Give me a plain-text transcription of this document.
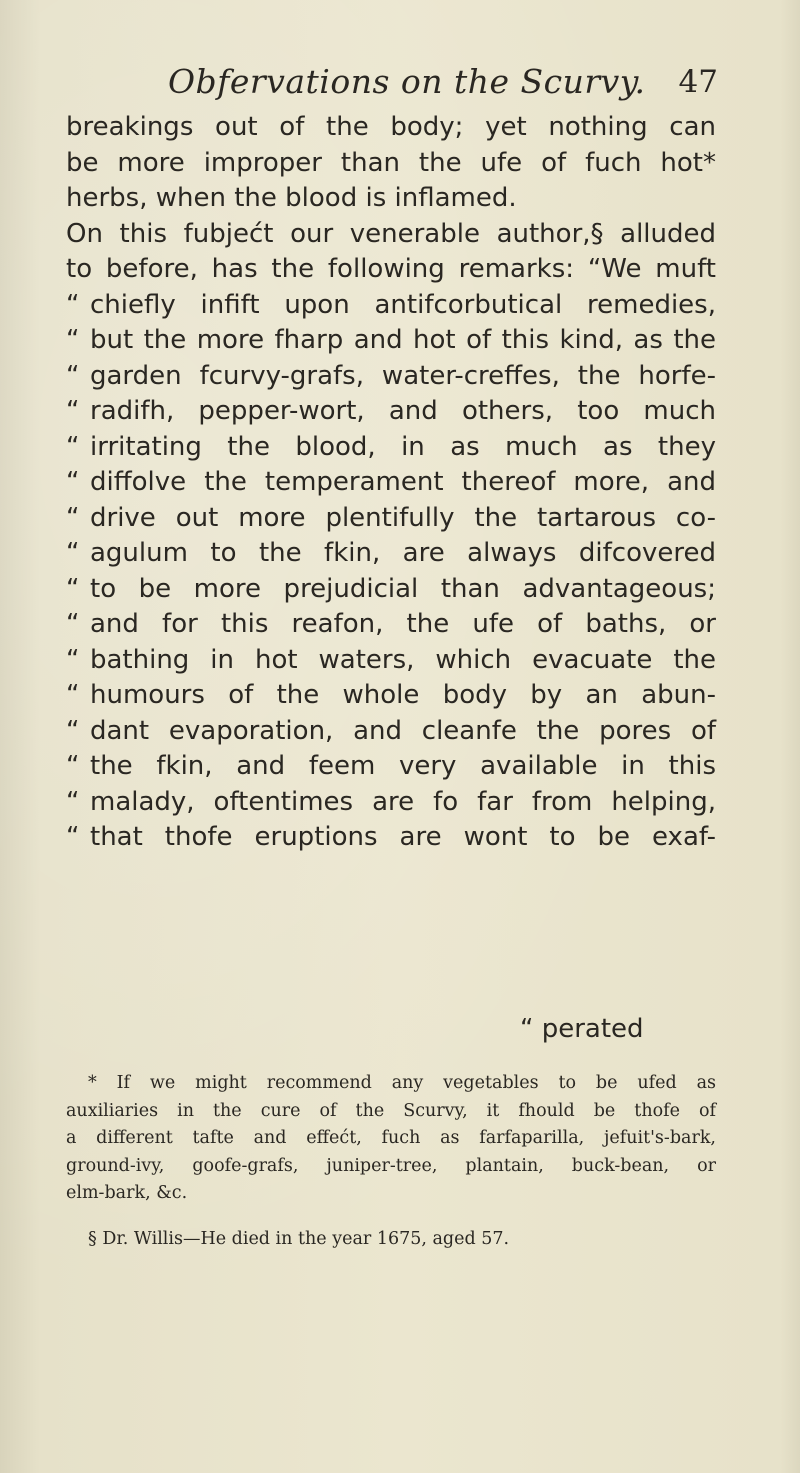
Obfervations on the Scurvy. 47
breakings out of the body; yet nothing can
be more improper than the ufe of fuch hot*
herbs, when the blood is inflamed.
On this fubjećt our venerable author,§ alluded
to before, has the following remarks: “We muft
“ chiefly infift upon antifcorbutical remedies,
“ but the more fharp and hot of this kind, as the
“ garden fcurvy-grafs, water-creffes, the horfe-
“ radifh, pepper-wort, and others, too much
“ irritating the blood, in as much as they
“ diffolve the temperament thereof more, and
“ drive out more plentifully the tartarous co-
“ agulum to the fkin, are always difcovered
“ to be more prejudicial than advantageous;
“ and for this reafon, the ufe of baths, or
“ bathing in hot waters, which evacuate the
“ humours of the whole body by an abun-
“ dant evaporation, and cleanfe the pores of
“ the fkin, and feem very available in this
“ malady, oftentimes are fo far from helping,
“ that thofe eruptions are wont to be exaf-
“ perated
* If we might recommend any vegetables to be ufed as
auxiliaries in the cure of the Scurvy, it fhould be thofe of
a different tafte and effećt, fuch as farfaparilla, jefuit's-bark,
ground-ivy, goofe-grafs, juniper-tree, plantain, buck-bean, or
elm-bark, &c.
§ Dr. Willis—He died in the year 1675, aged 57.
